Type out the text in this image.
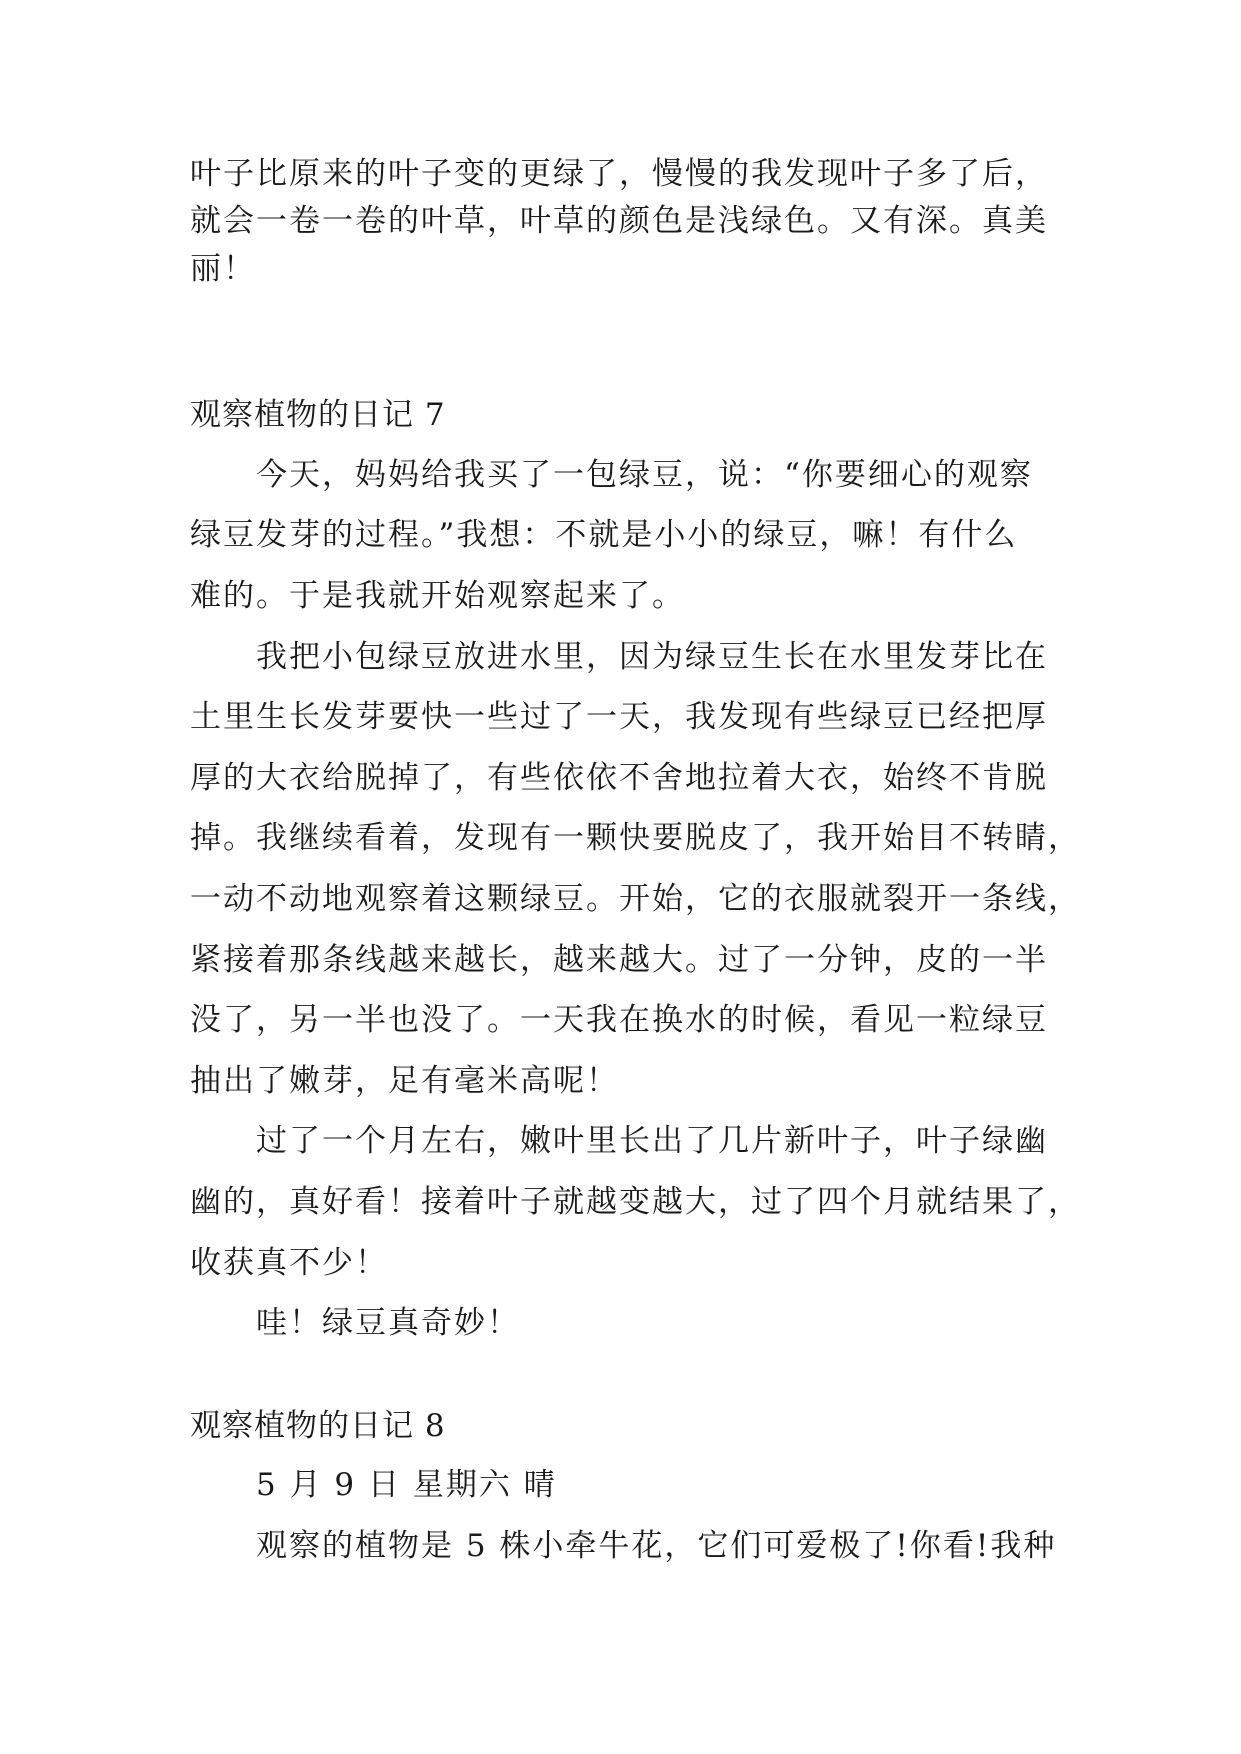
叶子比原来的叶子变的更绿了，慢慢的我发现叶子多了后，
就会一卷一卷的叶草，叶草的颜色是浅绿色。又有深。真美
丽！
观察植物的日记 7
今天，妈妈给我买了一包绿豆，说：“你要细心的观察
绿豆发芽的过程。”我想：不就是小小的绿豆，嘛！有什么
难的。于是我就开始观察起来了。
我把小包绿豆放进水里，因为绿豆生长在水里发芽比在
土里生长发芽要快一些过了一天，我发现有些绿豆已经把厚
厚的大衣给脱掉了，有些依依不舍地拉着大衣，始终不肯脱
掉。我继续看着，发现有一颗快要脱皮了，我开始目不转睛，
一动不动地观察着这颗绿豆。开始，它的衣服就裂开一条线，
紧接着那条线越来越长，越来越大。过了一分钟，皮的一半
没了，另一半也没了。一天我在换水的时候，看见一粒绿豆
抽出了嫩芽，足有毫米高呢！
过了一个月左右，嫩叶里长出了几片新叶子，叶子绿幽
幽的，真好看！接着叶子就越变越大，过了四个月就结果了，
收获真不少！
哇！绿豆真奇妙！
观察植物的日记 8
5 月 9 日 星期六 晴
观察的植物是 5 株小牵牛花，它们可爱极了!你看!我种
